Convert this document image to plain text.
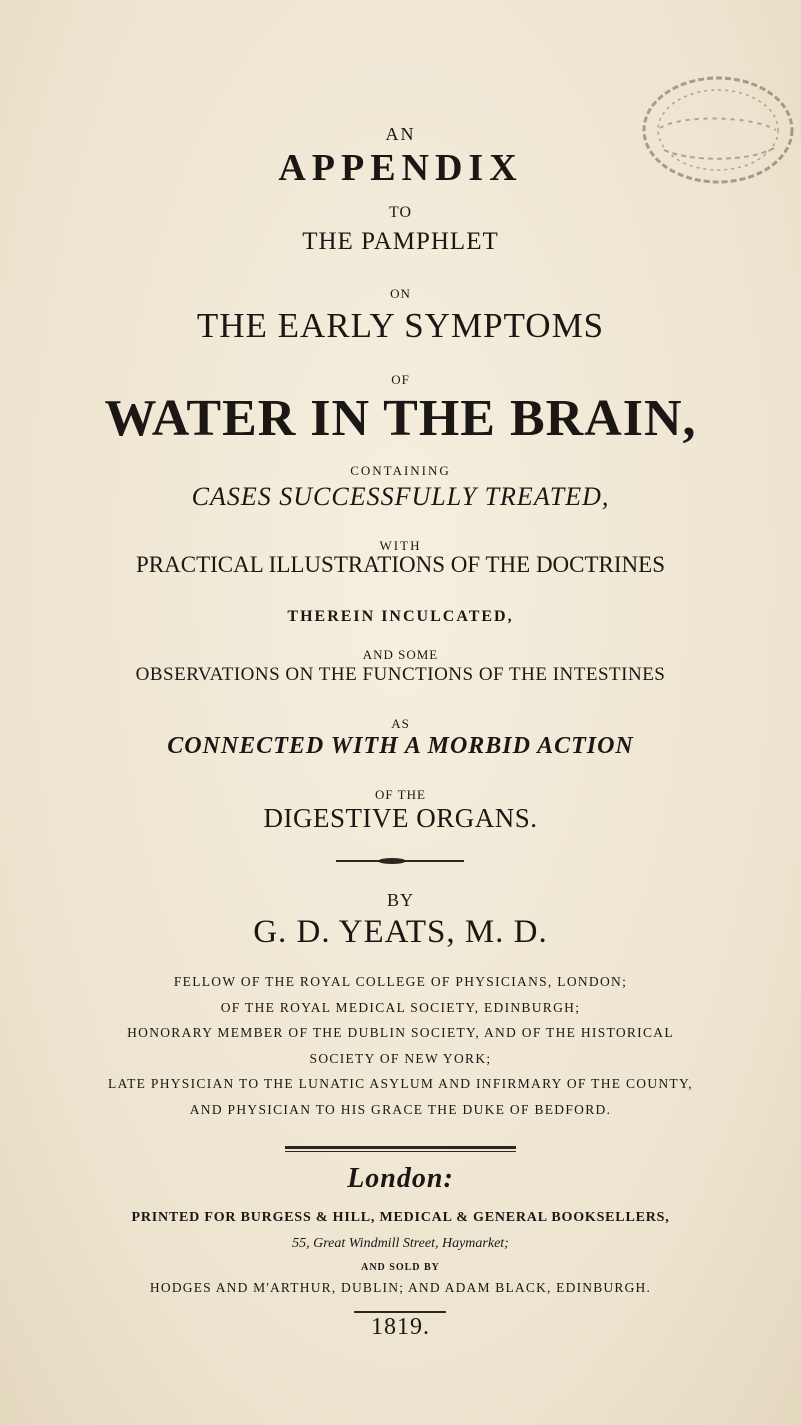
AN
APPENDIX
TO
THE PAMPHLET
ON
THE EARLY SYMPTOMS
OF
WATER IN THE BRAIN,
CONTAINING
CASES SUCCESSFULLY TREATED,
WITH
PRACTICAL ILLUSTRATIONS OF THE DOCTRINES
THEREIN INCULCATED,
AND SOME
OBSERVATIONS ON THE FUNCTIONS OF THE INTESTINES
AS
CONNECTED WITH A MORBID ACTION
OF THE
DIGESTIVE ORGANS.
BY
G. D. YEATS, M. D.
FELLOW OF THE ROYAL COLLEGE OF PHYSICIANS, LONDON;
OF THE ROYAL MEDICAL SOCIETY, EDINBURGH;
HONORARY MEMBER OF THE DUBLIN SOCIETY, AND OF THE HISTORICAL
SOCIETY OF NEW YORK;
LATE PHYSICIAN TO THE LUNATIC ASYLUM AND INFIRMARY OF THE COUNTY,
AND PHYSICIAN TO HIS GRACE THE DUKE OF BEDFORD.
London:
PRINTED FOR BURGESS & HILL, MEDICAL & GENERAL BOOKSELLERS,
55, Great Windmill Street, Haymarket;
AND SOLD BY
HODGES AND M'ARTHUR, DUBLIN; AND ADAM BLACK, EDINBURGH.
1819.
